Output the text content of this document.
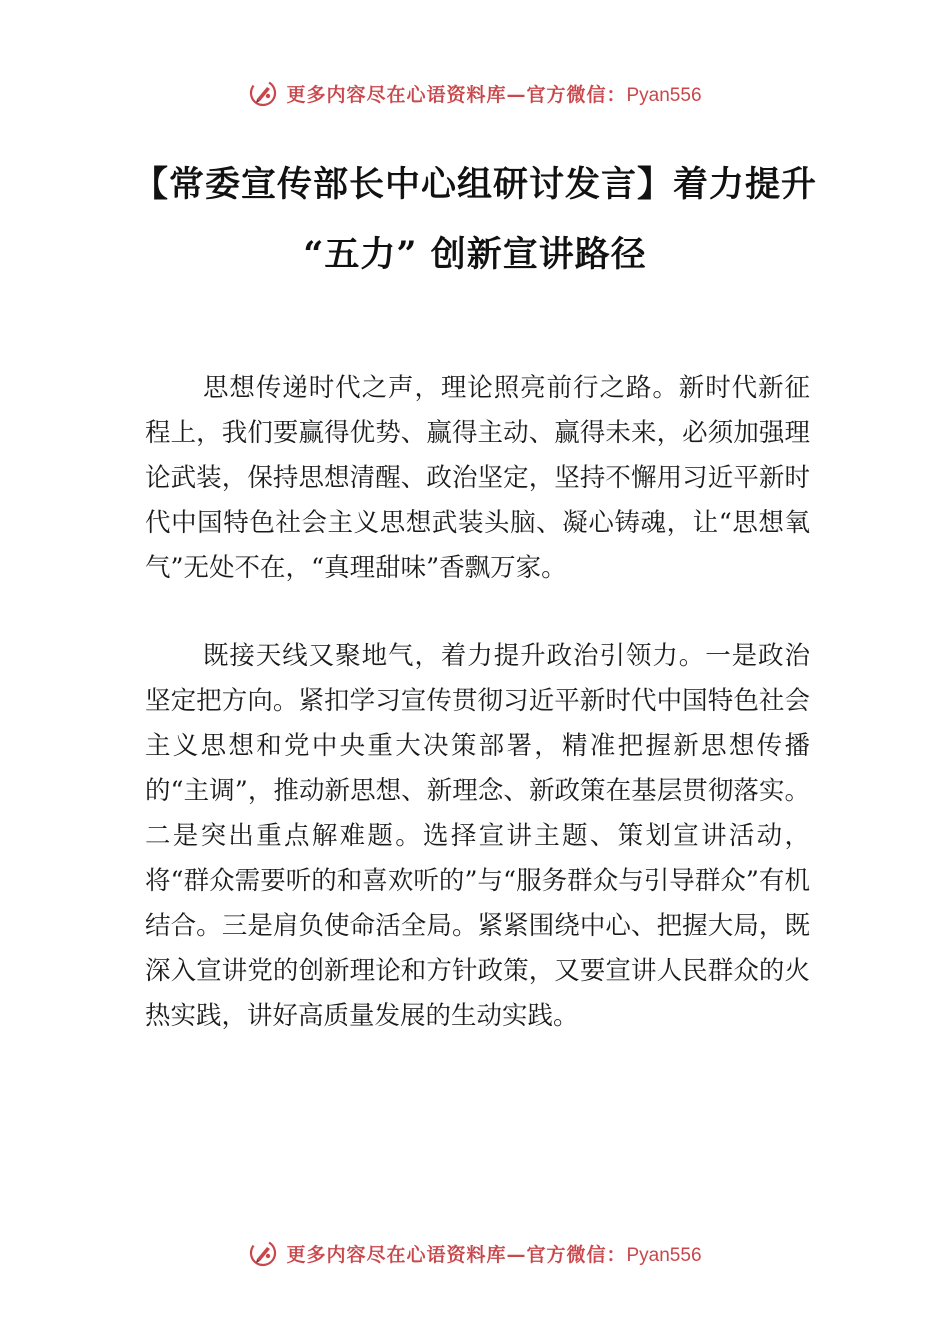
更多内容尽在心语资料库—官方微信：Pyan556
【常委宣传部长中心组研讨发言】着力提升
“五力” 创新宣讲路径

思想传递时代之声，理论照亮前行之路。新时代新征程上，我们要赢得优势、赢得主动、赢得未来，必须加强理论武装，保持思想清醒、政治坚定，坚持不懈用习近平新时代中国特色社会主义思想武装头脑、凝心铸魂，让“思想氧气”无处不在，“真理甜味”香飘万家。

既接天线又聚地气，着力提升政治引领力。一是政治坚定把方向。紧扣学习宣传贯彻习近平新时代中国特色社会主义思想和党中央重大决策部署，精准把握新思想传播的“主调”，推动新思想、新理念、新政策在基层贯彻落实。二是突出重点解难题。选择宣讲主题、策划宣讲活动，将“群众需要听的和喜欢听的”与“服务群众与引导群众”有机结合。三是肩负使命活全局。紧紧围绕中心、把握大局，既深入宣讲党的创新理论和方针政策，又要宣讲人民群众的火热实践，讲好高质量发展的生动实践。

更多内容尽在心语资料库—官方微信：Pyan556
